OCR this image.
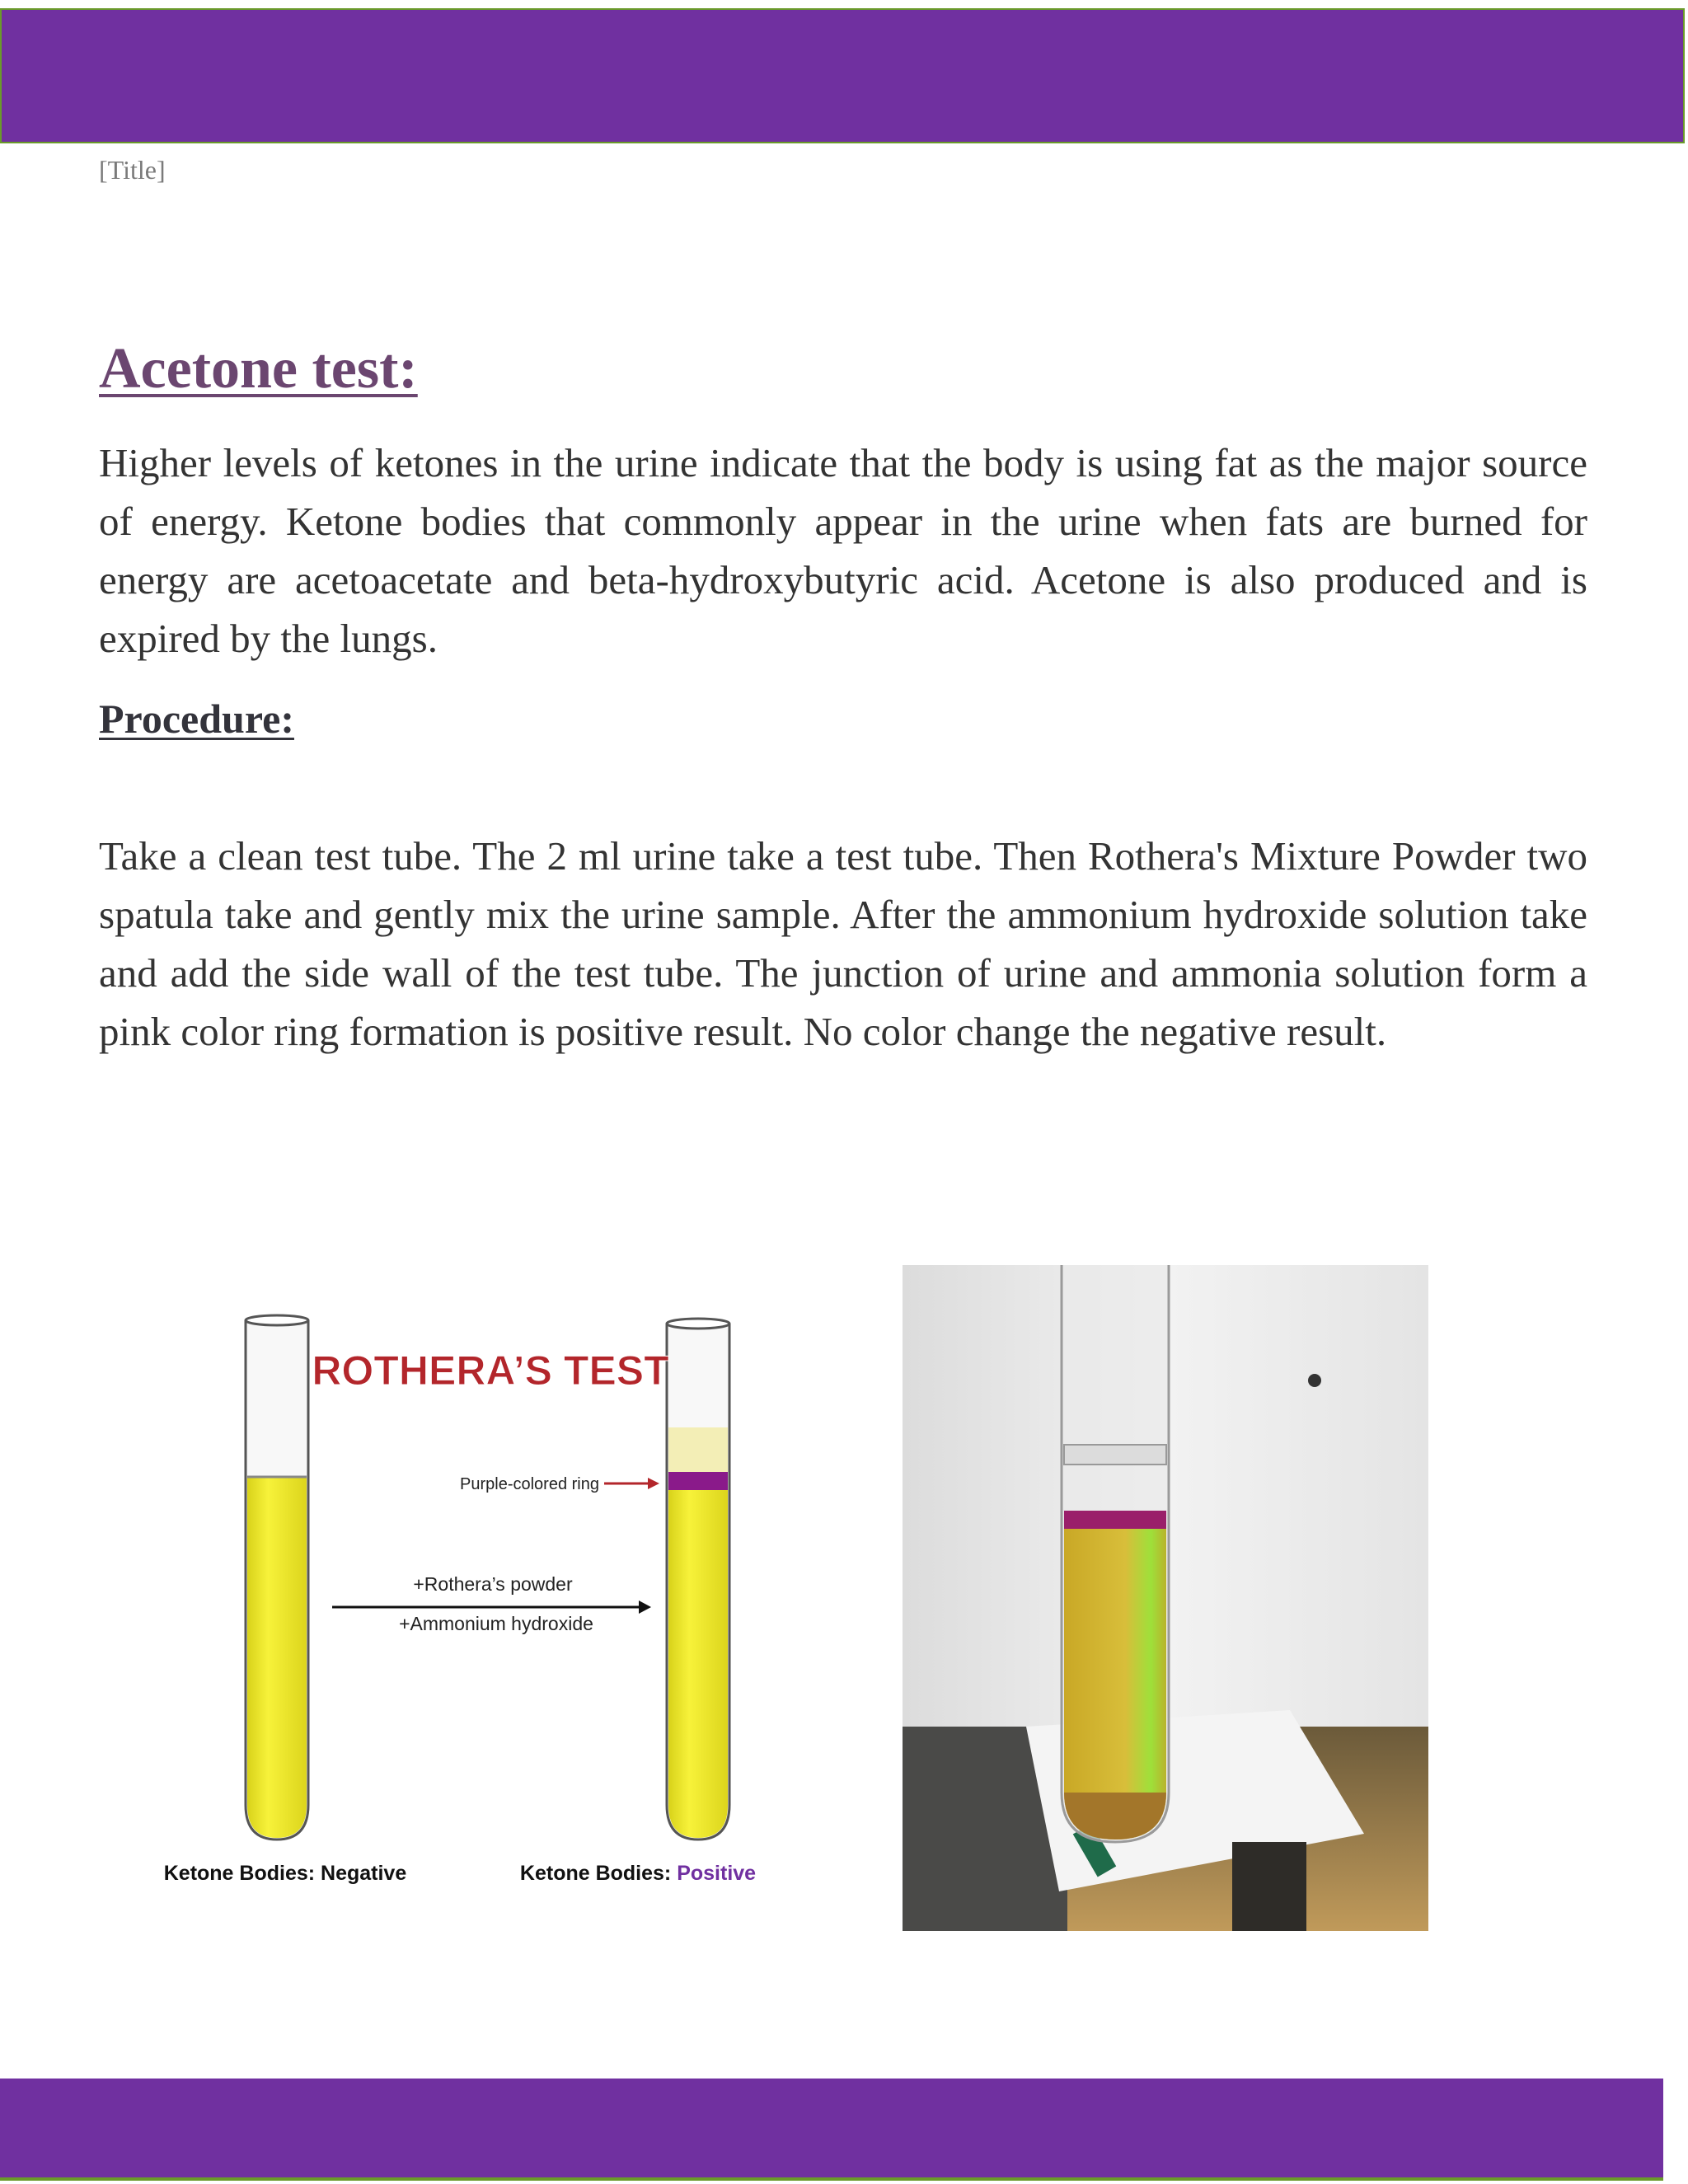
[Title]
Acetone test:

Higher levels of ketones in the urine indicate that the body is using fat as the major source of energy. Ketone bodies that commonly appear in the urine when fats are burned for energy are acetoacetate and beta-hydroxybutyric acid. Acetone is also produced and is expired by the lungs.

Procedure:

Take a clean test tube. The 2 ml urine take a test tube. Then Rothera's Mixture Powder two spatula take and gently mix the urine sample. After the ammonium hydroxide solution take and add the side wall of the test tube. The junction of urine and ammonia solution form a pink color ring formation is positive result. No color change the negative result.

ROTHERA’S TEST
Purple-colored ring
+Rothera’s powder
+Ammonium hydroxide
Ketone Bodies: Negative	Ketone Bodies: Positive
